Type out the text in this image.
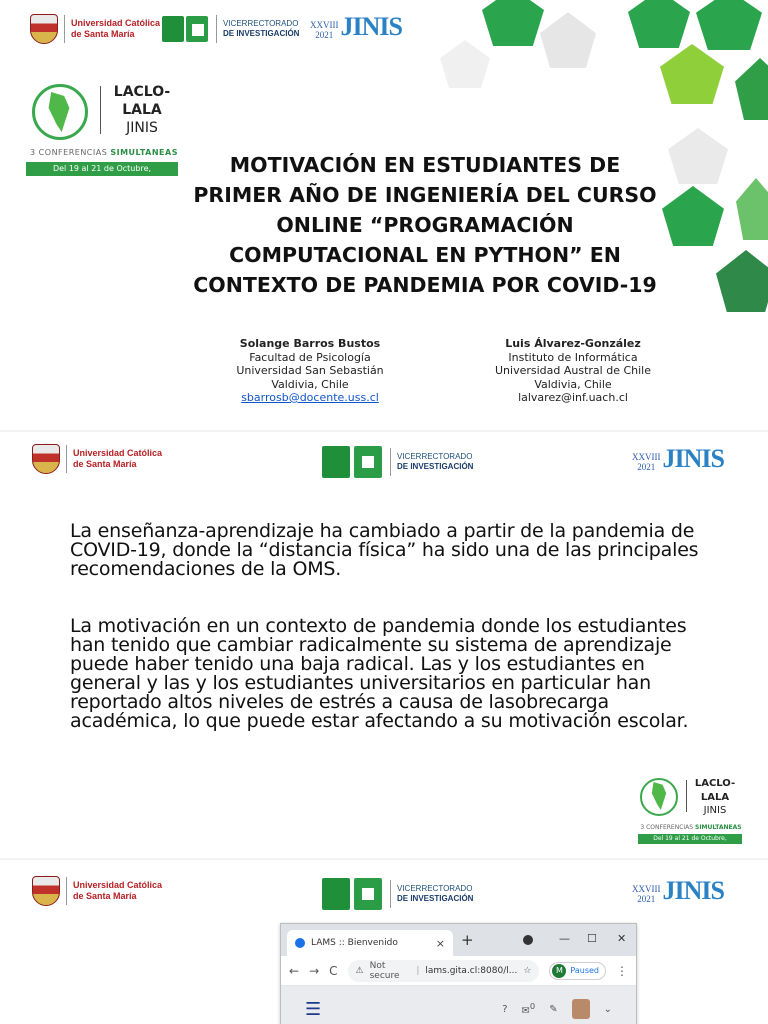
Universidad Católica
de Santa María
VICERRECTORADO
DE INVESTIGACIÓN
XXVIII
2021 JINIS
LACLO-
LALA
JINIS
3 CONFERENCIAS SIMULTANEAS
Del 19 al 21 de Octubre,	MOTIVACIÓN EN ESTUDIANTES DE PRIMER AÑO DE INGENIERÍA DEL CURSO ONLINE “PROGRAMACIÓN COMPUTACIONAL EN PYTHON” EN CONTEXTO DE PANDEMIA POR COVID-19
Solange Barros Bustos
Facultad de Psicología
Universidad San Sebastián
Valdivia, Chile
sbarrosb@docente.uss.cl
Luis Álvarez-González
Instituto de Informática
Universidad Austral de Chile
Valdivia, Chile
lalvarez@inf.uach.cl
Universidad Católica
de Santa María
VICERRECTORADO
DE INVESTIGACIÓN
XXVIII
2021 JINIS
La enseñanza-aprendizaje ha cambiado a partir de la pandemia de COVID-19, donde la “distancia física” ha sido una de las principales recomendaciones de la OMS.
La motivación en un contexto de pandemia donde los estudiantes han tenido que cambiar radicalmente su sistema de aprendizaje puede haber tenido una baja radical. Las y los estudiantes en general y las y los estudiantes universitarios en particular han reportado altos niveles de estrés a causa de lasobrecarga académica, lo que puede estar afectando a su motivación escolar.
LACLO-
LALA
JINIS
3 CONFERENCIAS SIMULTANEAS
Del 19 al 21 de Octubre,
Universidad Católica
de Santa María
VICERRECTORADO
DE INVESTIGACIÓN
XXVIII
2021 JINIS
LAMS :: Bienvenido	× +	— ☐ ✕
← → C ⚠ Not secure	| lams.gita.cl:8080/l... ☆	M Paused ⋮
☰	? ✉$^0$ ✎	⌄
